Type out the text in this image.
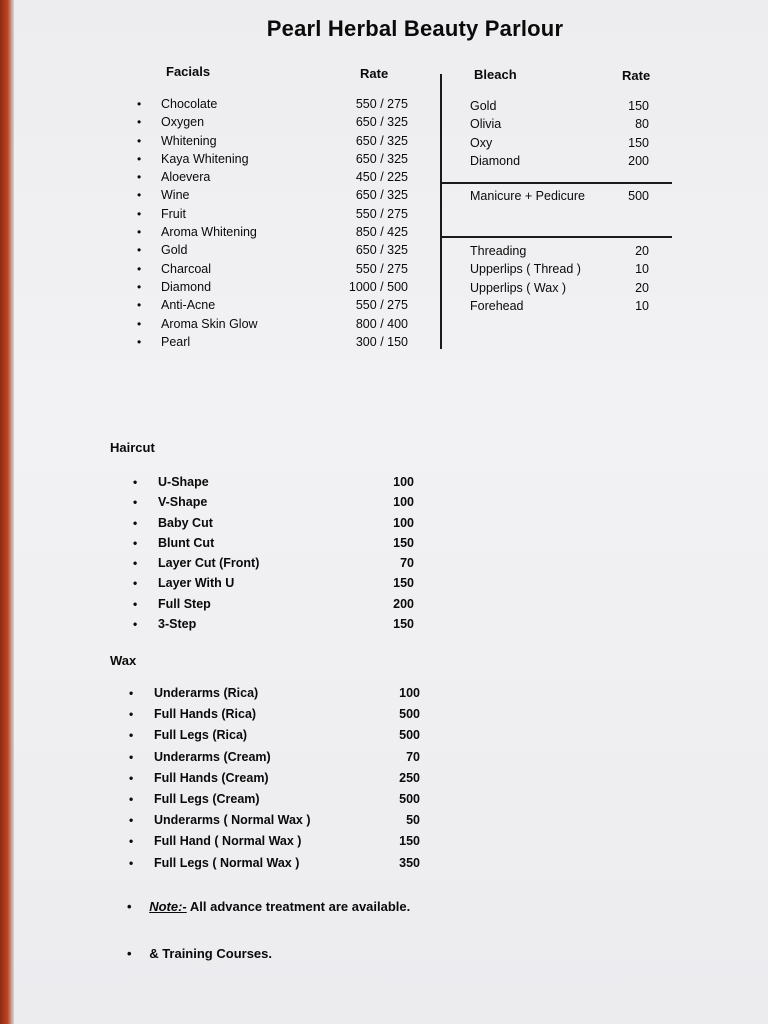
Pearl Herbal Beauty Parlour
Facials	Rate
• Chocolate	550 / 275
• Oxygen	650 / 325
• Whitening	650 / 325
• Kaya Whitening	650 / 325
• Aloevera	450 / 225
• Wine	650 / 325
• Fruit	550 / 275
• Aroma Whitening	850 / 425
• Gold	650 / 325
• Charcoal	550 / 275
• Diamond	1000 / 500
• Anti-Acne	550 / 275
• Aroma Skin Glow	800 / 400
• Pearl	300 / 150
Bleach	Rate
Gold	150
Olivia	80
Oxy	150
Diamond	200
Manicure + Pedicure	500
Threading	20
Upperlips ( Thread )	10
Upperlips ( Wax )	20
Forehead	10
Haircut
• U-Shape	100
• V-Shape	100
• Baby Cut	100
• Blunt Cut	150
• Layer Cut (Front)	70
• Layer With U	150
• Full Step	200
• 3-Step	150
Wax
• Underarms (Rica)	100
• Full Hands (Rica)	500
• Full Legs (Rica)	500
• Underarms (Cream)	70
• Full Hands (Cream)	250
• Full Legs (Cream)	500
• Underarms ( Normal Wax )	50
• Full Hand ( Normal Wax )	150
• Full Legs ( Normal Wax )	350
• Note:- All advance treatment are available.
• & Training Courses.
